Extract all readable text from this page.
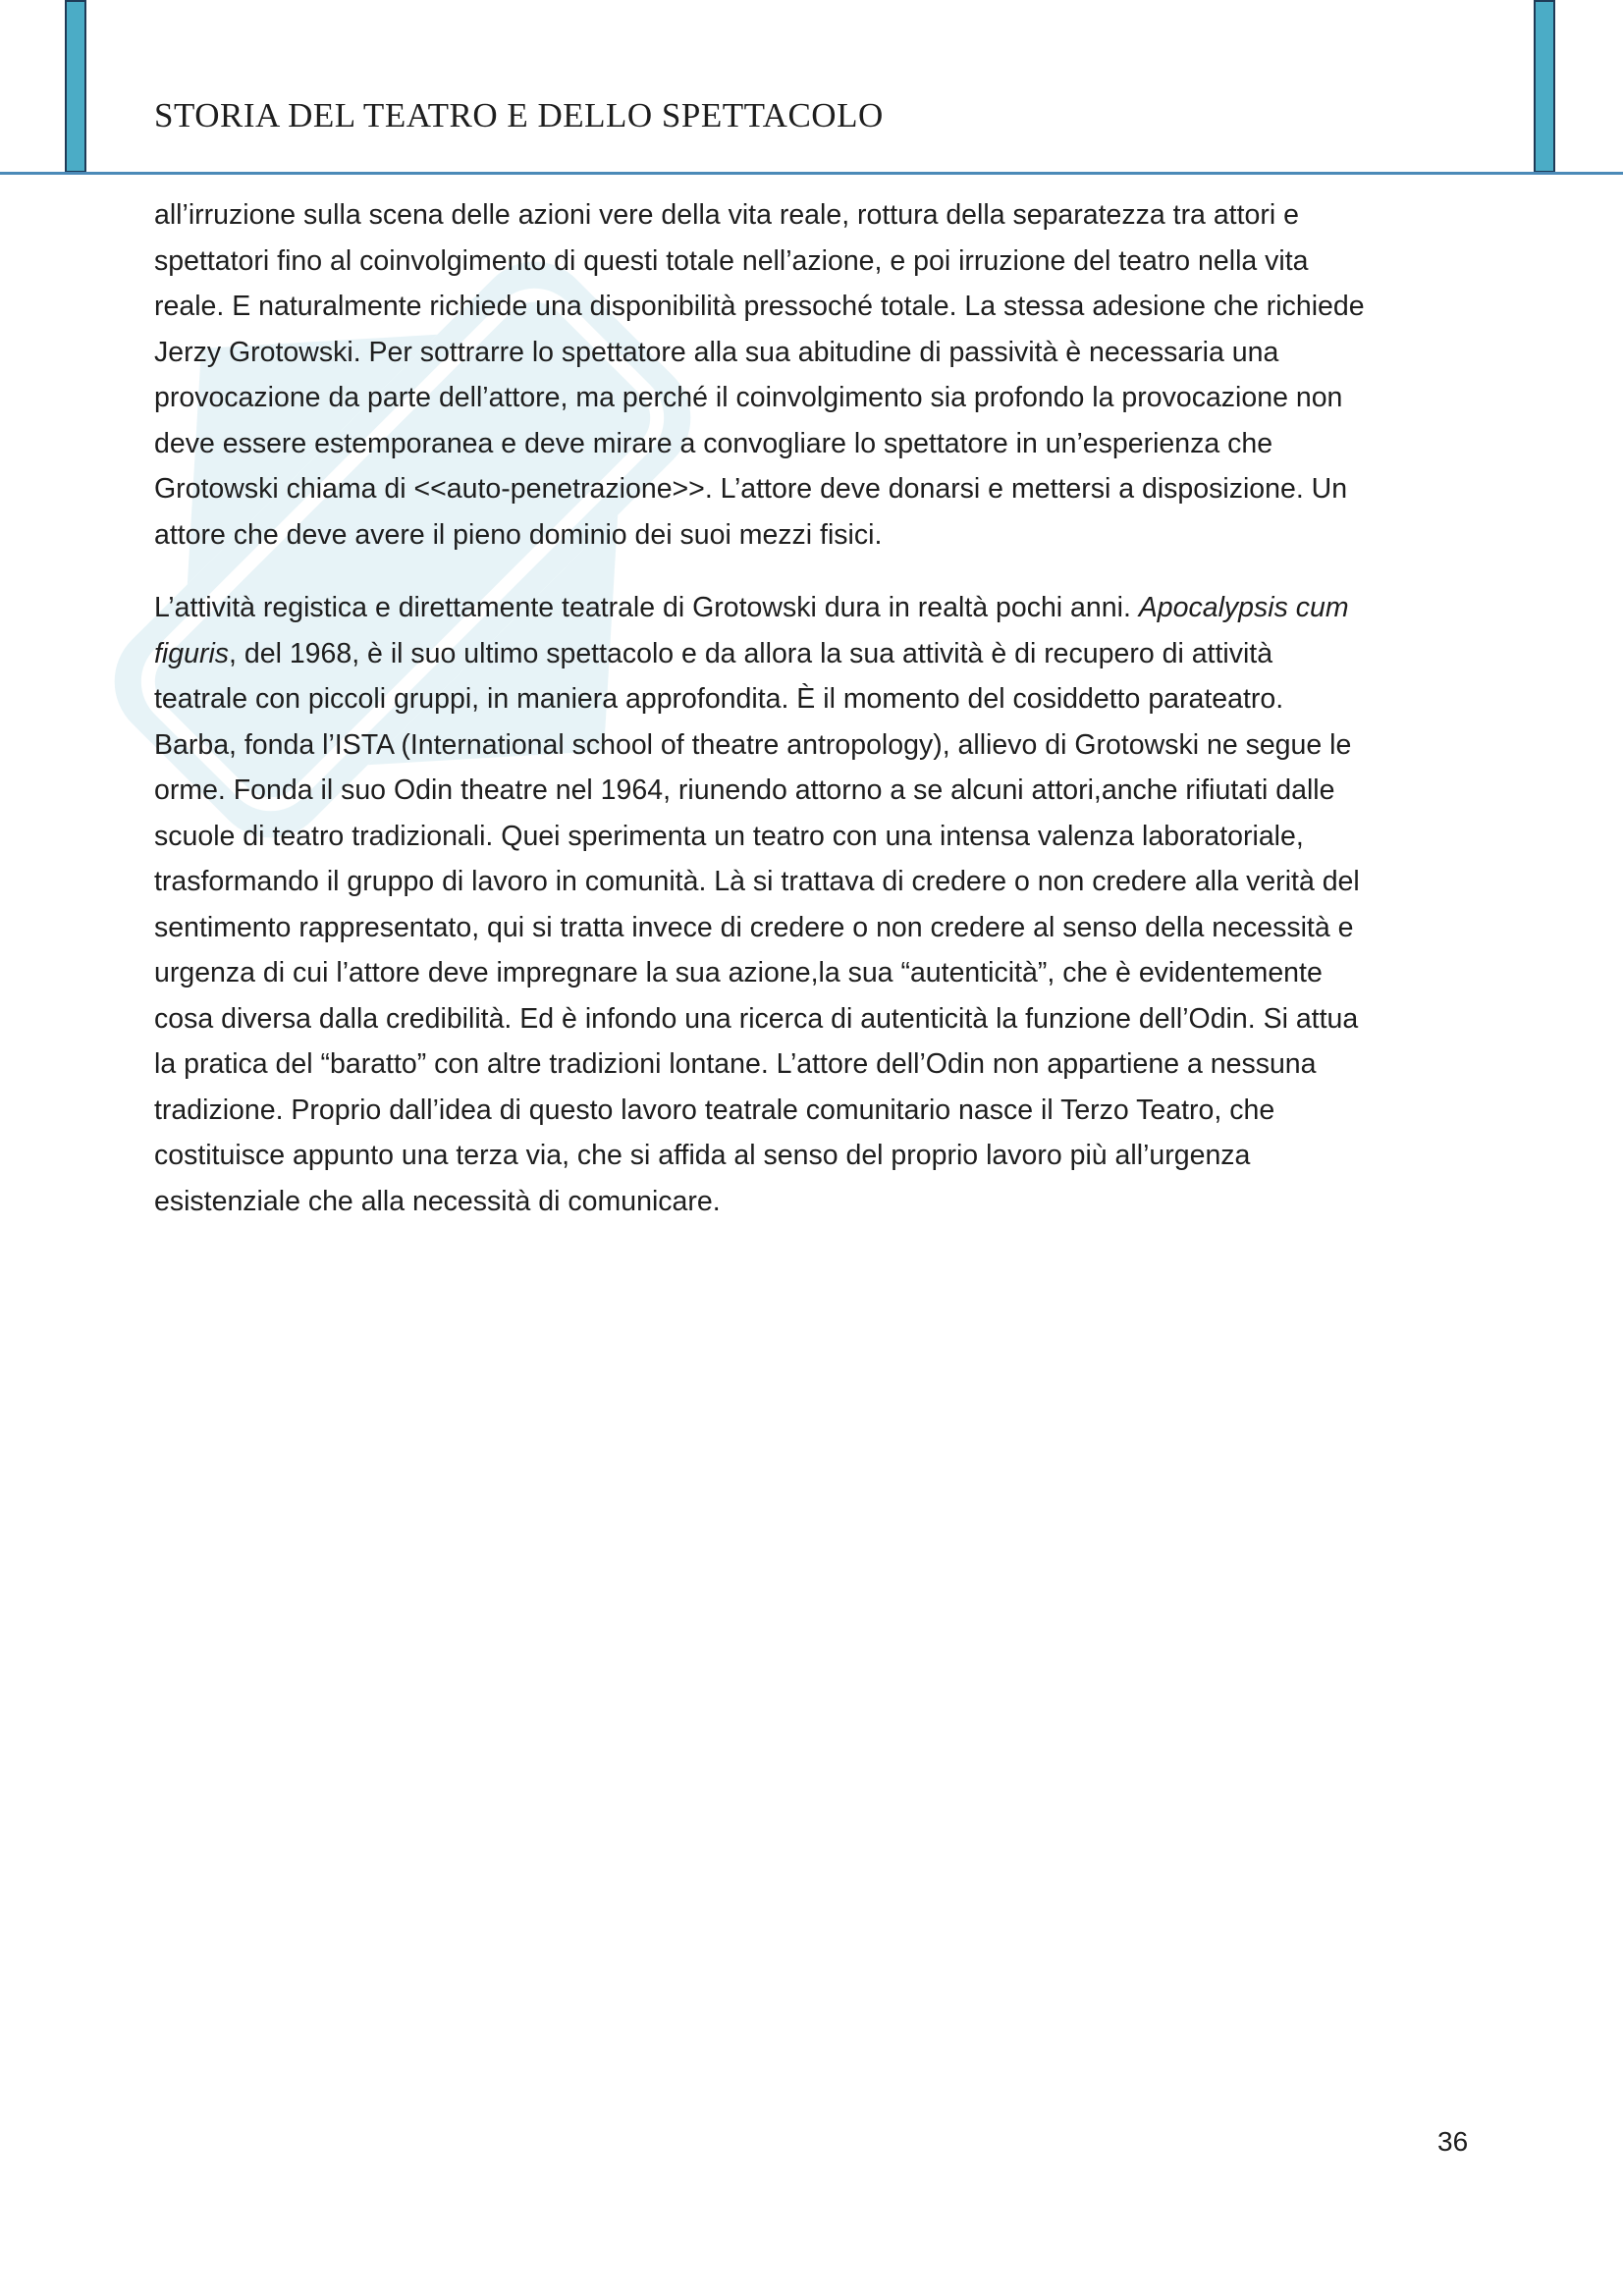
STORIA DEL TEATRO E DELLO SPETTACOLO

all’irruzione sulla scena delle azioni vere della vita reale, rottura della separatezza tra attori e
spettatori fino al coinvolgimento di questi totale nell’azione, e poi irruzione del teatro nella vita
reale. E naturalmente richiede una disponibilità pressoché totale. La stessa adesione che richiede
Jerzy Grotowski. Per sottrarre lo spettatore alla sua abitudine di passività è necessaria una
provocazione da parte dell’attore, ma perché il coinvolgimento sia profondo la provocazione non
deve essere estemporanea e deve mirare a convogliare lo spettatore in un’esperienza che
Grotowski chiama di <<auto-penetrazione>>. L’attore deve donarsi e mettersi a disposizione. Un
attore che deve avere il pieno dominio dei suoi mezzi fisici.

L’attività registica e direttamente teatrale di Grotowski dura in realtà pochi anni. Apocalypsis cum
figuris, del 1968, è il suo ultimo spettacolo e da allora la sua attività è di recupero di attività
teatrale con piccoli gruppi, in maniera approfondita. È il momento del cosiddetto parateatro.
Barba, fonda l’ISTA (International school of theatre antropology), allievo di Grotowski ne segue le
orme. Fonda il suo Odin theatre nel 1964, riunendo attorno a se alcuni attori,anche rifiutati dalle
scuole di teatro tradizionali. Quei sperimenta un teatro con una intensa valenza laboratoriale,
trasformando il gruppo di lavoro in comunità. Là si trattava di credere o non credere alla verità del
sentimento rappresentato, qui si tratta invece di credere o non credere al senso della necessità e
urgenza di cui l’attore deve impregnare la sua azione,la sua “autenticità”, che è evidentemente
cosa diversa dalla credibilità. Ed è infondo una ricerca di autenticità la funzione dell’Odin. Si attua
la pratica del “baratto” con altre tradizioni lontane. L’attore dell’Odin non appartiene a nessuna
tradizione. Proprio dall’idea di questo lavoro teatrale comunitario nasce il Terzo Teatro, che
costituisce appunto una terza via, che si affida al senso del proprio lavoro più all’urgenza
esistenziale che alla necessità di comunicare.

36
